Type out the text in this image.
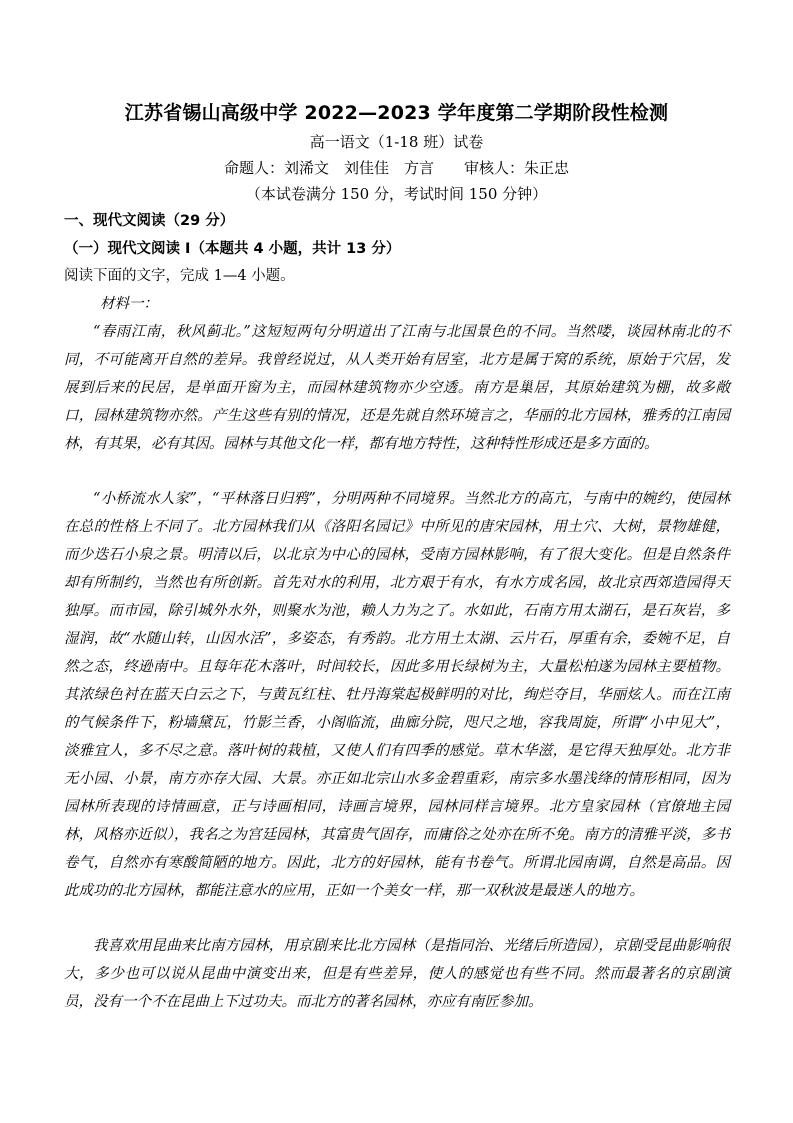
江苏省锡山高级中学 2022—2023 学年度第二学期阶段性检测
高一语文（1-18 班）试卷
命题人：刘浠文　刘佳佳　方言　　审核人：朱正忠
（本试卷满分 150 分，考试时间 150 分钟）
一、现代文阅读（29 分）
（一）现代文阅读 I（本题共 4 小题，共计 13 分）
阅读下面的文字，完成 1—4 小题。
材料一：
“春雨江南，秋风蓟北。”这短短两句分明道出了江南与北国景色的不同。当然喽，谈园林南北的不同，不可能离开自然的差异。我曾经说过，从人类开始有居室，北方是属于窝的系统，原始于穴居，发展到后来的民居，是单面开窗为主，而园林建筑物亦少空透。南方是巢居，其原始建筑为棚，故多敞口，园林建筑物亦然。产生这些有别的情况，还是先就自然环境言之，华丽的北方园林，雅秀的江南园林，有其果，必有其因。园林与其他文化一样，都有地方特性，这种特性形成还是多方面的。
“小桥流水人家”，“平林落日归鸦”，分明两种不同境界。当然北方的高亢，与南中的婉约，使园林在总的性格上不同了。北方园林我们从《洛阳名园记》中所见的唐宋园林，用土穴、大树，景物雄健，而少迭石小泉之景。明清以后，以北京为中心的园林，受南方园林影响，有了很大变化。但是自然条件却有所制约，当然也有所创新。首先对水的利用，北方艰于有水，有水方成名园，故北京西郊造园得天独厚。而市园，除引城外水外，则聚水为池，赖人力为之了。水如此，石南方用太湖石，是石灰岩，多湿润，故“水随山转，山因水活”，多姿态，有秀韵。北方用土太湖、云片石，厚重有余，委婉不足，自然之态，终逊南中。且每年花木落叶，时间较长，因此多用长绿树为主，大量松柏遂为园林主要植物。其浓绿色衬在蓝天白云之下，与黄瓦红柱、牡丹海棠起极鲜明的对比，绚烂夺目，华丽炫人。而在江南的气候条件下，粉墙黛瓦，竹影兰香，小阁临流，曲廊分院，咫尺之地，容我周旋，所谓“小中见大”，淡雅宜人，多不尽之意。落叶树的栽植，又使人们有四季的感觉。草木华滋，是它得天独厚处。北方非无小园、小景，南方亦存大园、大景。亦正如北宗山水多金碧重彩，南宗多水墨浅绛的情形相同，因为园林所表现的诗情画意，正与诗画相同，诗画言境界，园林同样言境界。北方皇家园林（官僚地主园林，风格亦近似），我名之为宫廷园林，其富贵气固存，而庸俗之处亦在所不免。南方的清雅平淡，多书卷气，自然亦有寒酸简陋的地方。因此，北方的好园林，能有书卷气。所谓北园南调，自然是高品。因此成功的北方园林，都能注意水的应用，正如一个美女一样，那一双秋波是最迷人的地方。
我喜欢用昆曲来比南方园林，用京剧来比北方园林（是指同治、光绪后所造园），京剧受昆曲影响很大，多少也可以说从昆曲中演变出来，但是有些差异，使人的感觉也有些不同。然而最著名的京剧演员，没有一个不在昆曲上下过功夫。而北方的著名园林，亦应有南匠参加。
